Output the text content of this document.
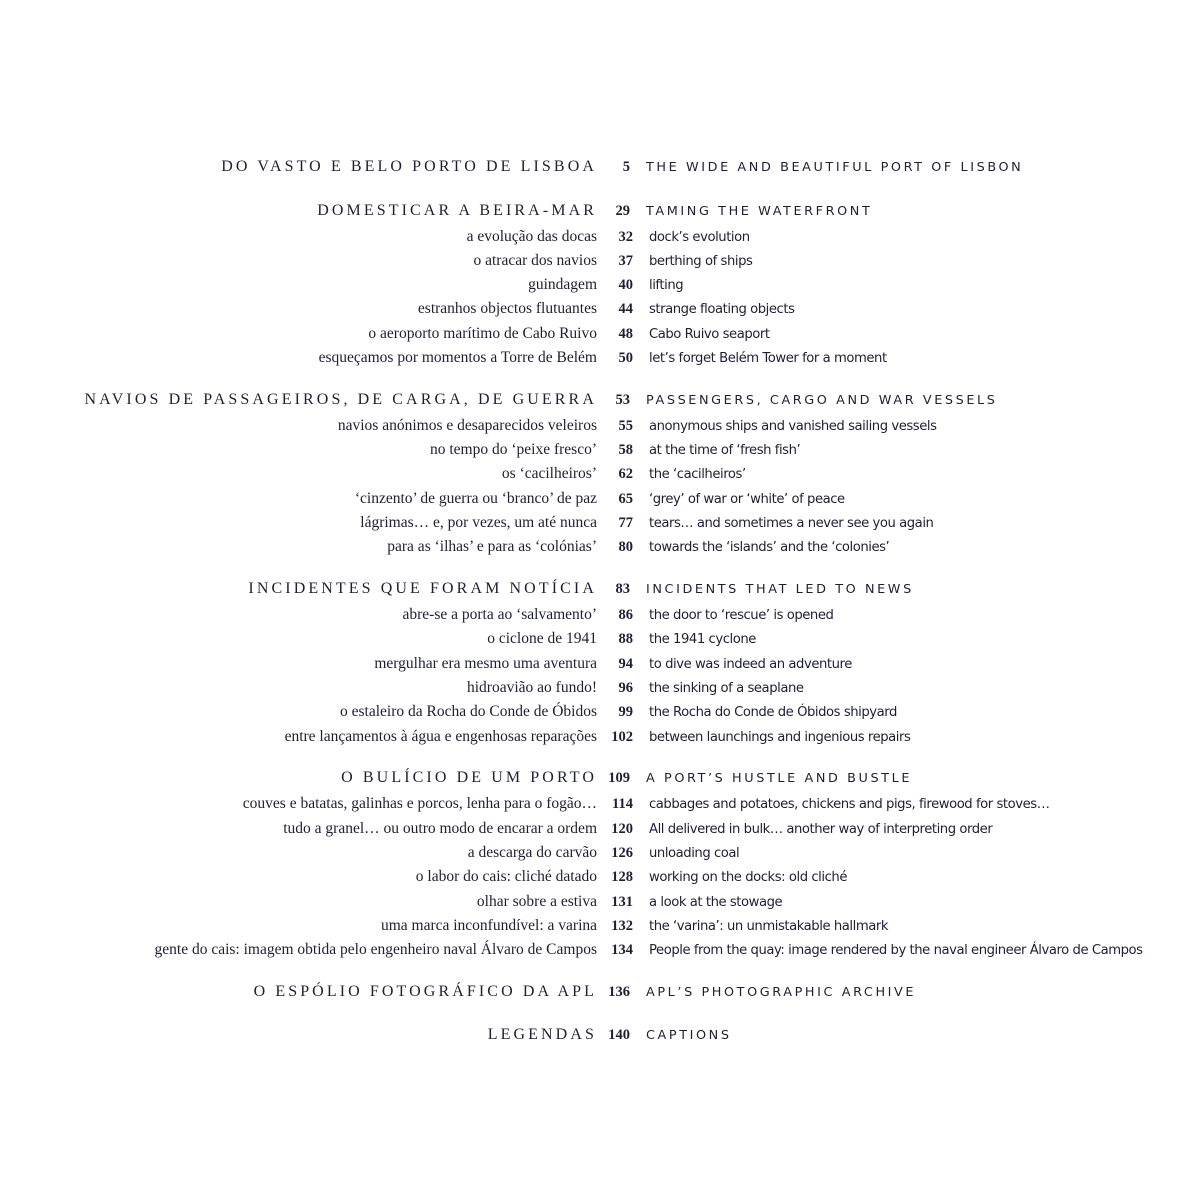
DO VASTO E BELO PORTO DE LISBOA	5 THE WIDE AND BEAUTIFUL PORT OF LISBON
DOMESTICAR A BEIRA-MAR	29 TAMING THE WATERFRONT
a evolução das docas	32 dock’s evolution
o atracar dos navios	37 berthing of ships
guindagem	40 lifting
estranhos objectos flutuantes	44 strange floating objects
o aeroporto marítimo de Cabo Ruivo	48 Cabo Ruivo seaport
esqueçamos por momentos a Torre de Belém	50 let’s forget Belém Tower for a moment
NAVIOS DE PASSAGEIROS, DE CARGA, DE GUERRA	53 PASSENGERS, CARGO AND WAR VESSELS
navios anónimos e desaparecidos veleiros	55 anonymous ships and vanished sailing vessels
no tempo do ‘peixe fresco’	58 at the time of ‘fresh fish’
os ‘cacilheiros’	62 the ‘cacilheiros’
‘cinzento’ de guerra ou ‘branco’ de paz	65 ‘grey’ of war or ‘white’ of peace
lágrimas… e, por vezes, um até nunca	77 tears… and sometimes a never see you again
para as ‘ilhas’ e para as ‘colónias’	80 towards the ‘islands’ and the ‘colonies’
INCIDENTES QUE FORAM NOTÍCIA	83 INCIDENTS THAT LED TO NEWS
abre-se a porta ao ‘salvamento’	86 the door to ‘rescue’ is opened
o ciclone de 1941	88 the 1941 cyclone
mergulhar era mesmo uma aventura	94 to dive was indeed an adventure
hidroavião ao fundo!	96 the sinking of a seaplane
o estaleiro da Rocha do Conde de Óbidos	99 the Rocha do Conde de Óbidos shipyard
entre lançamentos à água e engenhosas reparações 102 between launchings and ingenious repairs
O BULÍCIO DE UM PORTO 109 A PORT’S HUSTLE AND BUSTLE
couves e batatas, galinhas e porcos, lenha para o fogão…	114 cabbages and potatoes, chickens and pigs, firewood for stoves…
tudo a granel… ou outro modo de encarar a ordem 120 All delivered in bulk… another way of interpreting order
a descarga do carvão 126 unloading coal
o labor do cais: cliché datado 128 working on the docks: old cliché
olhar sobre a estiva 131 a look at the stowage
uma marca inconfundível: a varina 132 the ‘varina’: un unmistakable hallmark
gente do cais: imagem obtida pelo engenheiro naval Álvaro de Campos 134 People from the quay: image rendered by the naval engineer Álvaro de Campos
O ESPÓLIO FOTOGRÁFICO DA APL 136 APL’S PHOTOGRAPHIC ARCHIVE
LEGENDAS 140 CAPTIONS
